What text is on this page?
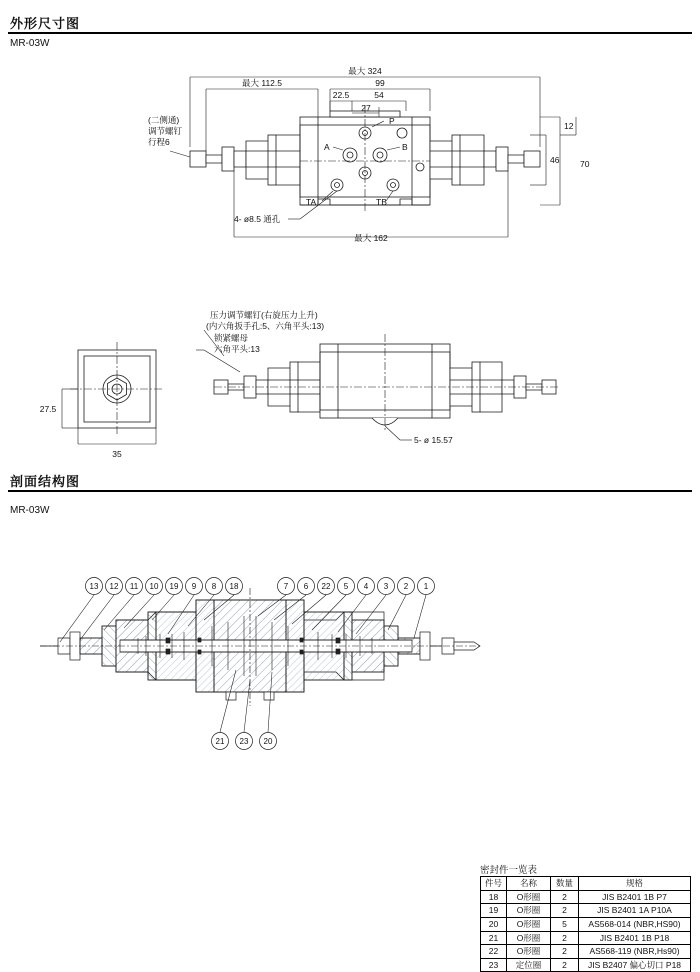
外形尺寸图
MR-03W
最大 324
99
最大 112.5
22.5	54
27
最大 162
12
70
46
4- ø8.5 通孔
P
A	B
TA	TB
(二侧通)
调节螺钉
行程6
压力调节螺钉(右旋压力上升)
(内六角扳手孔:5、六角平头:13)
锁紧螺母
六角平头:13
5- ø 15.57
27.5
35
剖面结构图
MR-03W
13 12 11 10 19 9 8 18	7 6 22 5 4 3 2 1
21 23 20
密封件一览表
件号	名称	数量	规格
18	O形圈	2	JIS B2401 1B P7
19	O形圈	2	JIS B2401 1A P10A
20	O形圈	5	AS568-014 (NBR,HS90)
21	O形圈	2	JIS B2401 1B P18
22	O形圈	2	AS568-119 (NBR,Hs90)
23	定位圈	2	JIS B2407 偏心切口 P18
